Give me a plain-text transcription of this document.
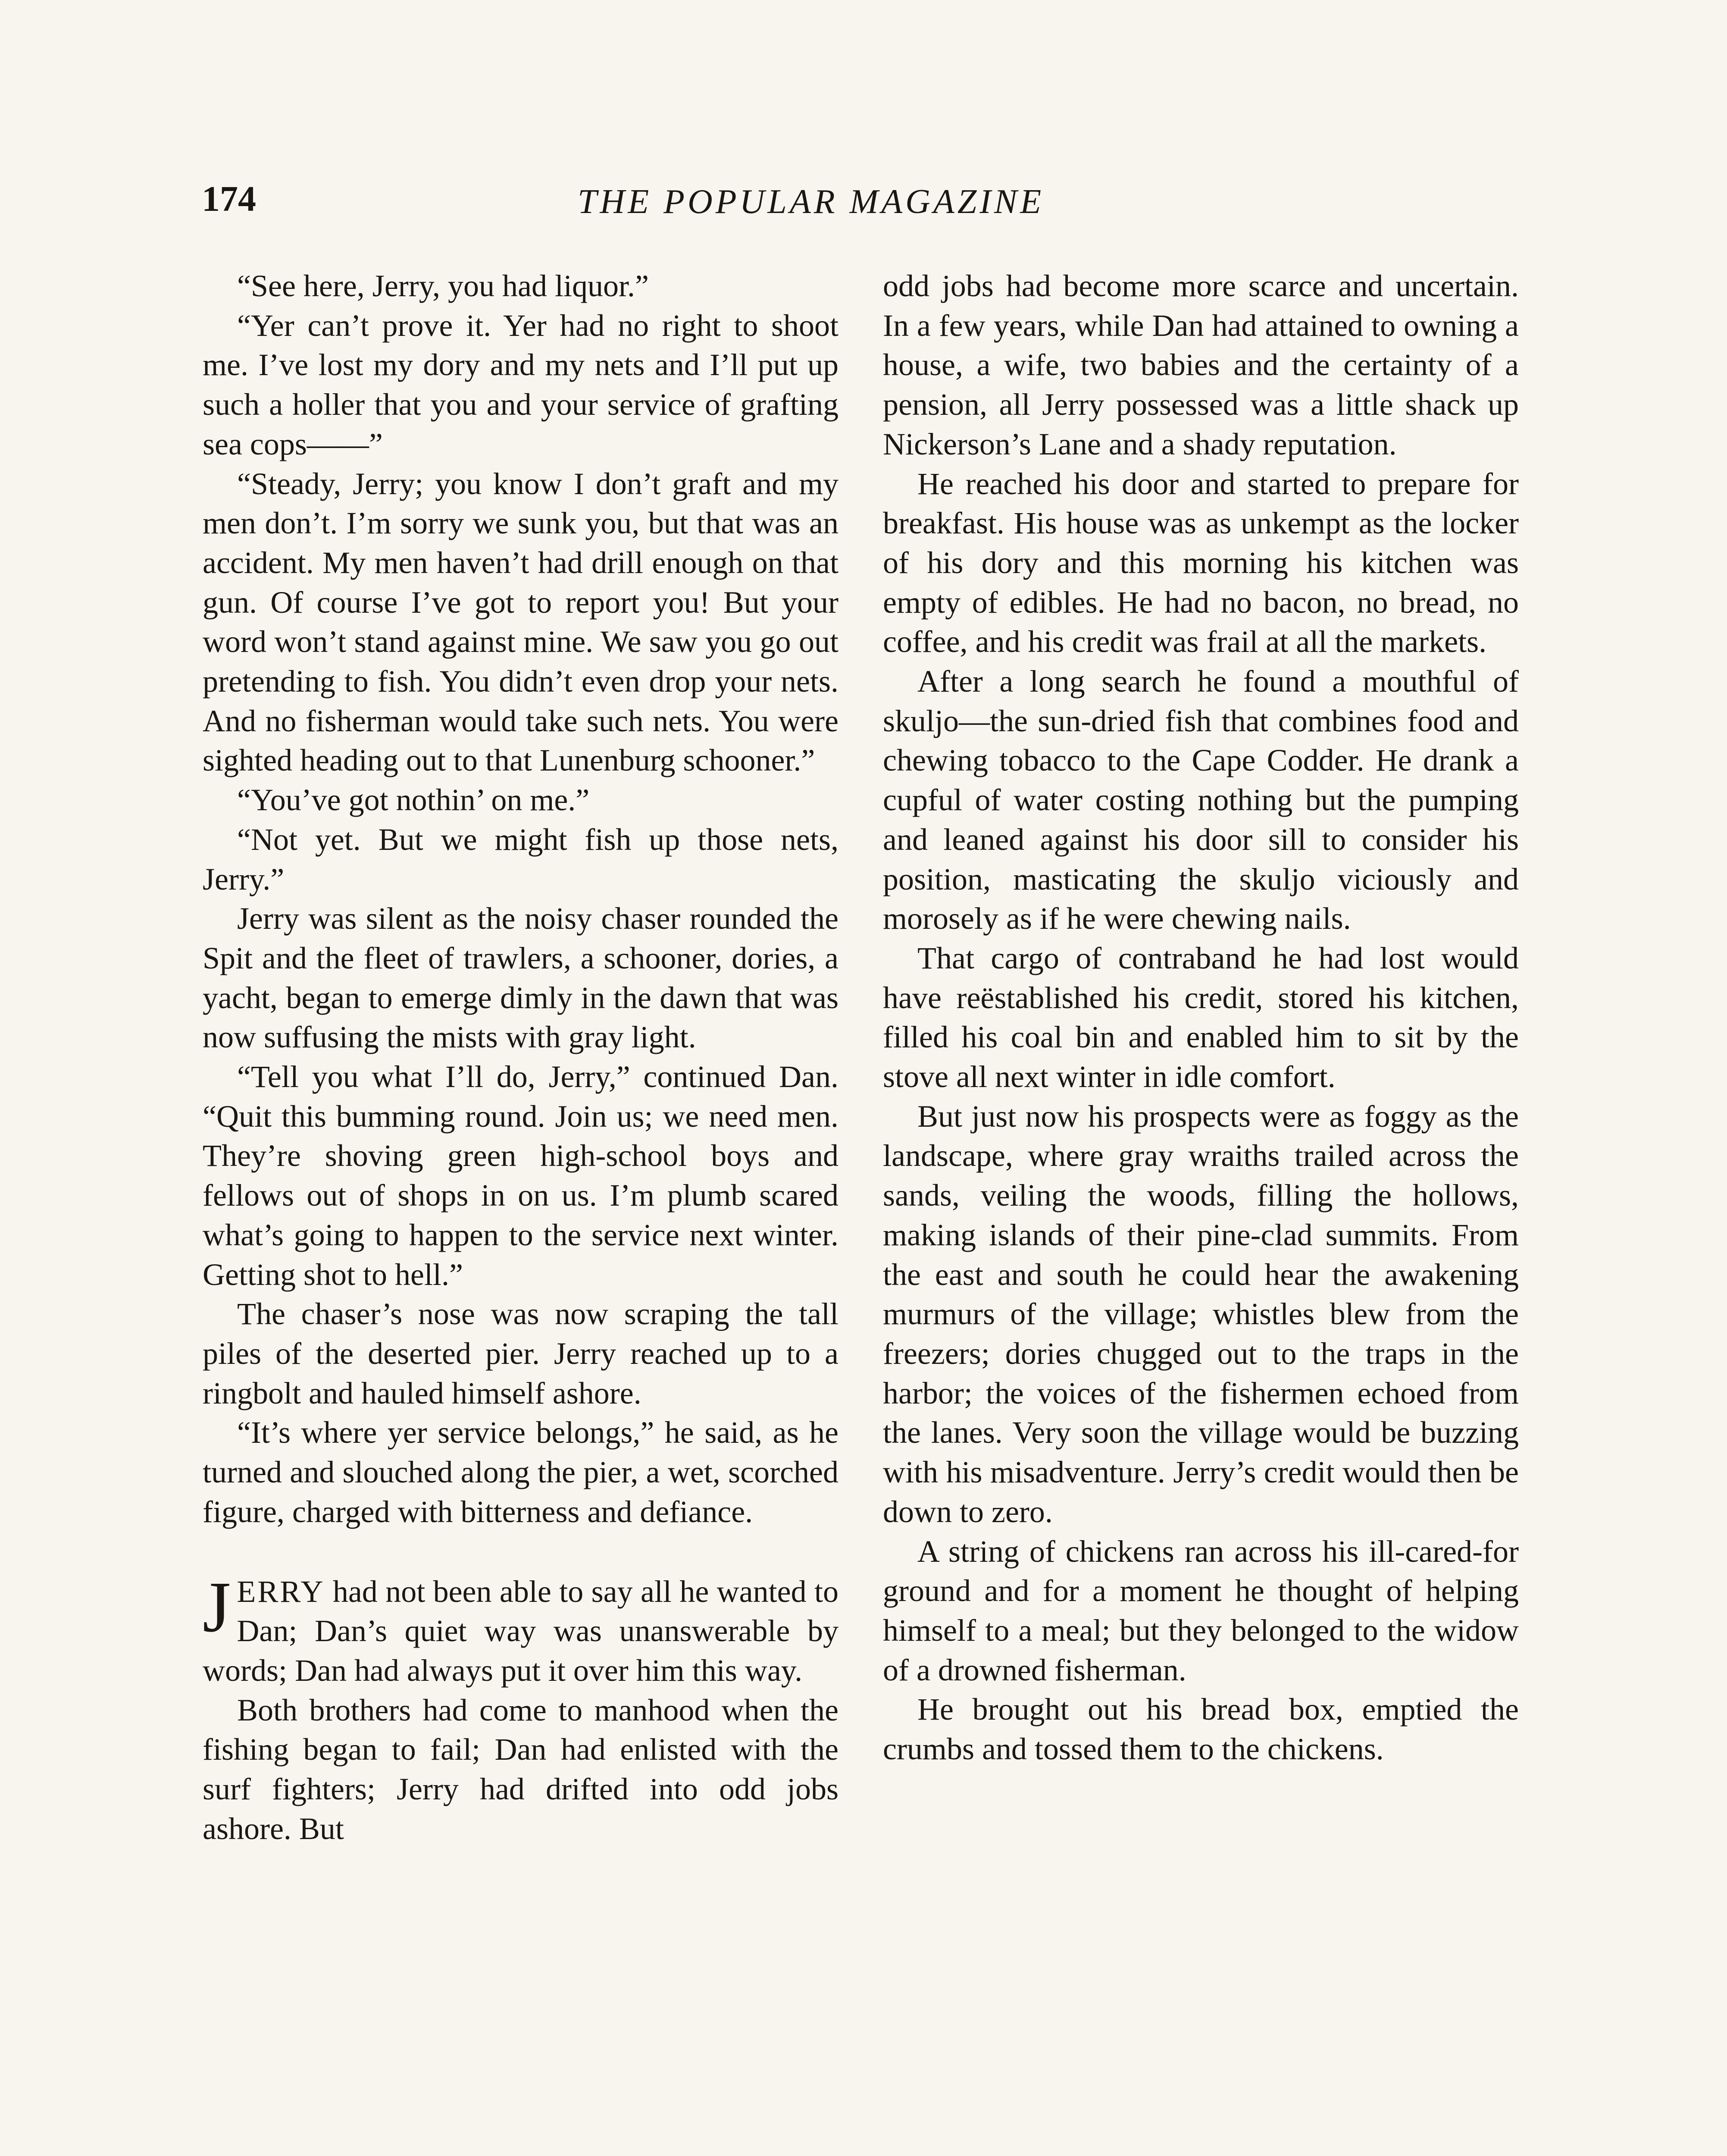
174	THE POPULAR MAGAZINE

“See here, Jerry, you had liquor.”

“Yer can’t prove it. Yer had no right to shoot me. I’ve lost my dory and my nets and I’ll put up such a holler that you and your service of grafting sea cops——”

“Steady, Jerry; you know I don’t graft and my men don’t. I’m sorry we sunk you, but that was an accident. My men haven’t had drill enough on that gun. Of course I’ve got to report you! But your word won’t stand against mine. We saw you go out pretending to fish. You didn’t even drop your nets. And no fisherman would take such nets. You were sighted heading out to that Lunenburg schooner.”

“You’ve got nothin’ on me.”

“Not yet. But we might fish up those nets, Jerry.”

Jerry was silent as the noisy chaser rounded the Spit and the fleet of trawlers, a schooner, dories, a yacht, began to emerge dimly in the dawn that was now suffusing the mists with gray light.

“Tell you what I’ll do, Jerry,” continued Dan. “Quit this bumming round. Join us; we need men. They’re shoving green high-school boys and fellows out of shops in on us. I’m plumb scared what’s going to happen to the service next winter. Getting shot to hell.”

The chaser’s nose was now scraping the tall piles of the deserted pier. Jerry reached up to a ringbolt and hauled himself ashore.

“It’s where yer service belongs,” he said, as he turned and slouched along the pier, a wet, scorched figure, charged with bitterness and defiance.

JERRY had not been able to say all he wanted to Dan; Dan’s quiet way was unanswerable by words; Dan had always put it over him this way.

Both brothers had come to manhood when the fishing began to fail; Dan had enlisted with the surf fighters; Jerry had drifted into odd jobs ashore. But

odd jobs had become more scarce and uncertain. In a few years, while Dan had attained to owning a house, a wife, two babies and the certainty of a pension, all Jerry possessed was a little shack up Nickerson’s Lane and a shady reputation.

He reached his door and started to prepare for breakfast. His house was as unkempt as the locker of his dory and this morning his kitchen was empty of edibles. He had no bacon, no bread, no coffee, and his credit was frail at all the markets.

After a long search he found a mouthful of skuljo—the sun-dried fish that combines food and chewing tobacco to the Cape Codder. He drank a cupful of water costing nothing but the pumping and leaned against his door sill to consider his position, masticating the skuljo viciously and morosely as if he were chewing nails.

That cargo of contraband he had lost would have reëstablished his credit, stored his kitchen, filled his coal bin and enabled him to sit by the stove all next winter in idle comfort.

But just now his prospects were as foggy as the landscape, where gray wraiths trailed across the sands, veiling the woods, filling the hollows, making islands of their pine-clad summits. From the east and south he could hear the awakening murmurs of the village; whistles blew from the freezers; dories chugged out to the traps in the harbor; the voices of the fishermen echoed from the lanes. Very soon the village would be buzzing with his misadventure. Jerry’s credit would then be down to zero.

A string of chickens ran across his ill-cared-for ground and for a moment he thought of helping himself to a meal; but they belonged to the widow of a drowned fisherman.

He brought out his bread box, emptied the crumbs and tossed them to the chickens.
